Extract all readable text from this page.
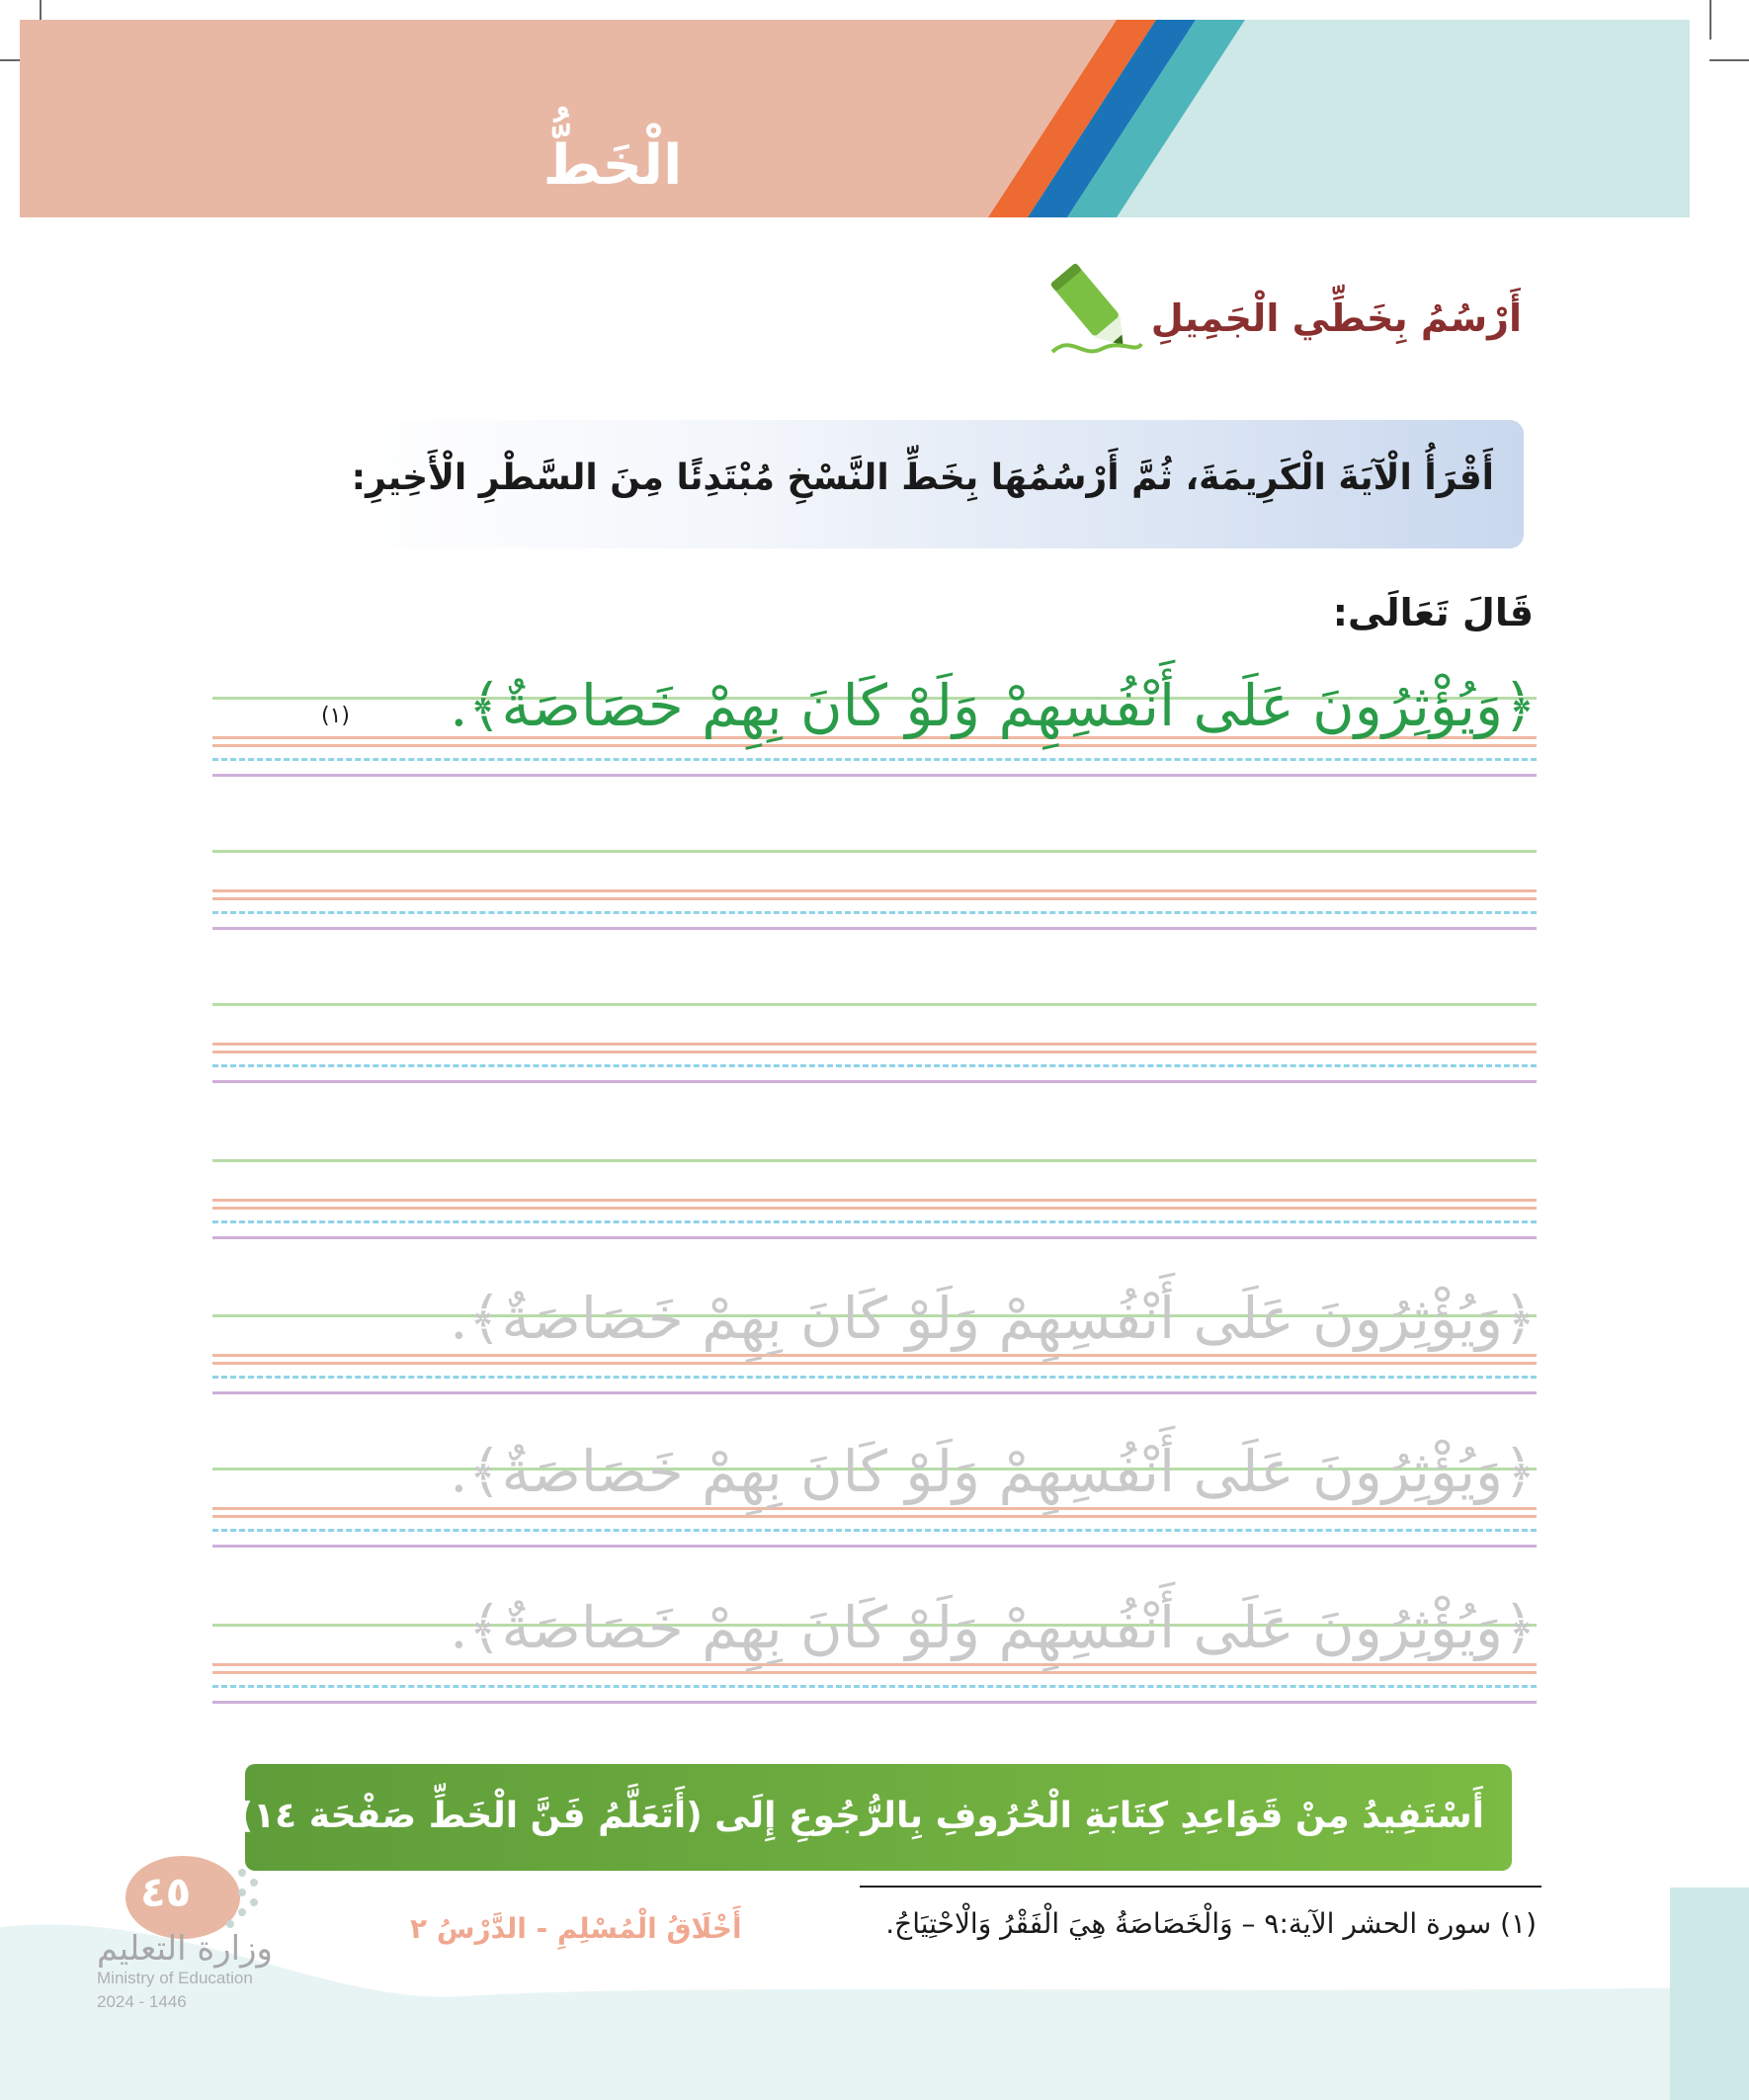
الْخَطُّ
أَرْسُمُ بِخَطِّي الْجَمِيلِ
أَقْرَأُ الْآيَةَ الْكَرِيمَةَ، ثُمَّ أَرْسُمُهَا بِخَطِّ النَّسْخِ مُبْتَدِئًا مِنَ السَّطْرِ الْأَخِيرِ:
قَالَ تَعَالَى:
﴿وَيُؤْثِرُونَ عَلَى أَنْفُسِهِمْ وَلَوْ كَانَ بِهِمْ خَصَاصَةٌ﴾.
(١)
﴿وَيُؤْثِرُونَ عَلَى أَنْفُسِهِمْ وَلَوْ كَانَ بِهِمْ خَصَاصَةٌ﴾.
﴿وَيُؤْثِرُونَ عَلَى أَنْفُسِهِمْ وَلَوْ كَانَ بِهِمْ خَصَاصَةٌ﴾.
﴿وَيُؤْثِرُونَ عَلَى أَنْفُسِهِمْ وَلَوْ كَانَ بِهِمْ خَصَاصَةٌ﴾.
أَسْتَفِيدُ مِنْ قَوَاعِدِ كِتَابَةِ الْحُرُوفِ بِالرُّجُوعِ إِلَى (أَتَعَلَّمُ فَنَّ الْخَطِّ صَفْحَة ١٤).
٤٥
وزارة التعليم
Ministry of Education
2024 - 1446
(١) سورة الحشر الآية:٩ – وَالْخَصَاصَةُ هِيَ الْفَقْرُ وَالْاحْتِيَاجُ.
أَخْلَاقُ الْمُسْلِمِ - الدَّرْسُ ٢
